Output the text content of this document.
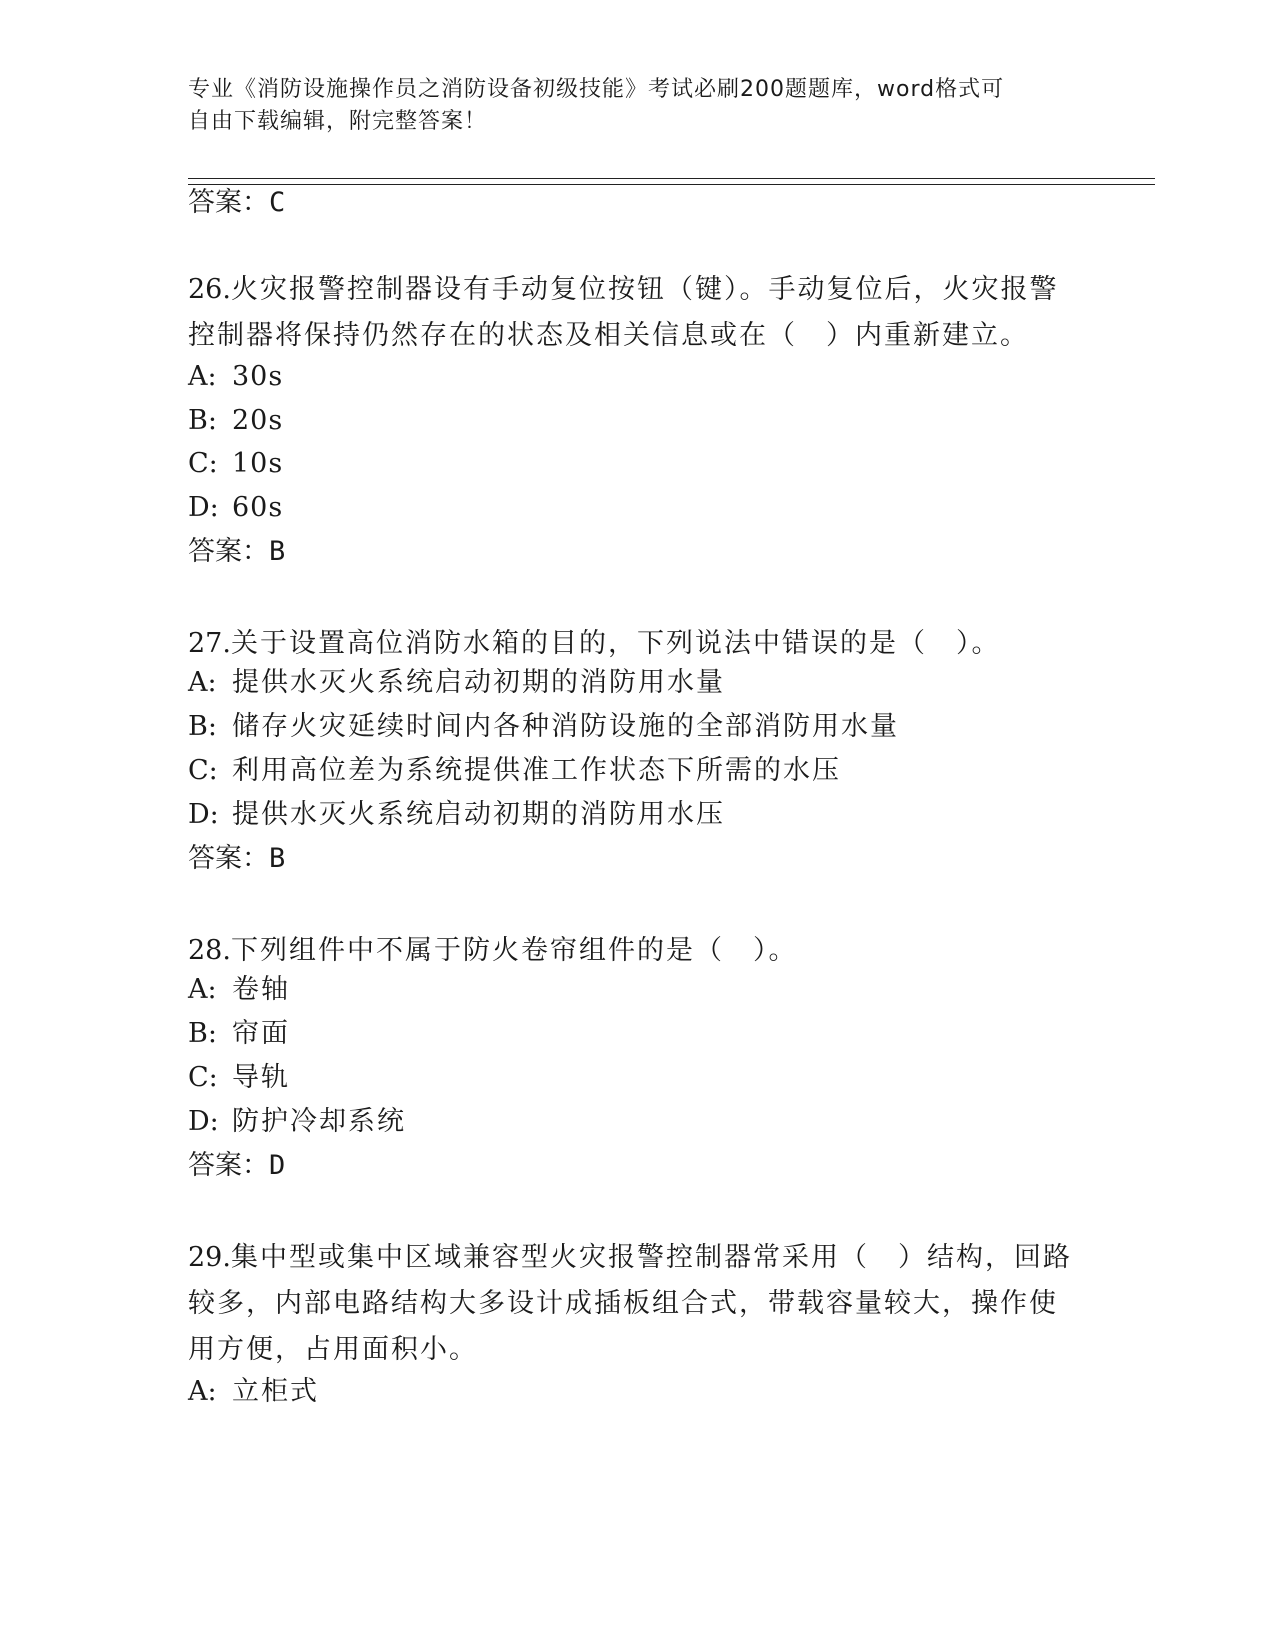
专业《消防设施操作员之消防设备初级技能》考试必刷200题题库，word格式可
自由下载编辑，附完整答案！
答案：C
26.火灾报警控制器设有手动复位按钮（键）。手动复位后，火灾报警控制器将保持仍然存在的状态及相关信息或在（　）内重新建立。
A: 30s
B: 20s
C: 10s
D: 60s
答案：B
27.关于设置高位消防水箱的目的，下列说法中错误的是（　）。
A: 提供水灭火系统启动初期的消防用水量
B: 储存火灾延续时间内各种消防设施的全部消防用水量
C: 利用高位差为系统提供准工作状态下所需的水压
D: 提供水灭火系统启动初期的消防用水压
答案：B
28.下列组件中不属于防火卷帘组件的是（　）。
A: 卷轴
B: 帘面
C: 导轨
D: 防护冷却系统
答案：D
29.集中型或集中区域兼容型火灾报警控制器常采用（　）结构，回路较多，内部电路结构大多设计成插板组合式，带载容量较大，操作使用方便，占用面积小。
A: 立柜式
